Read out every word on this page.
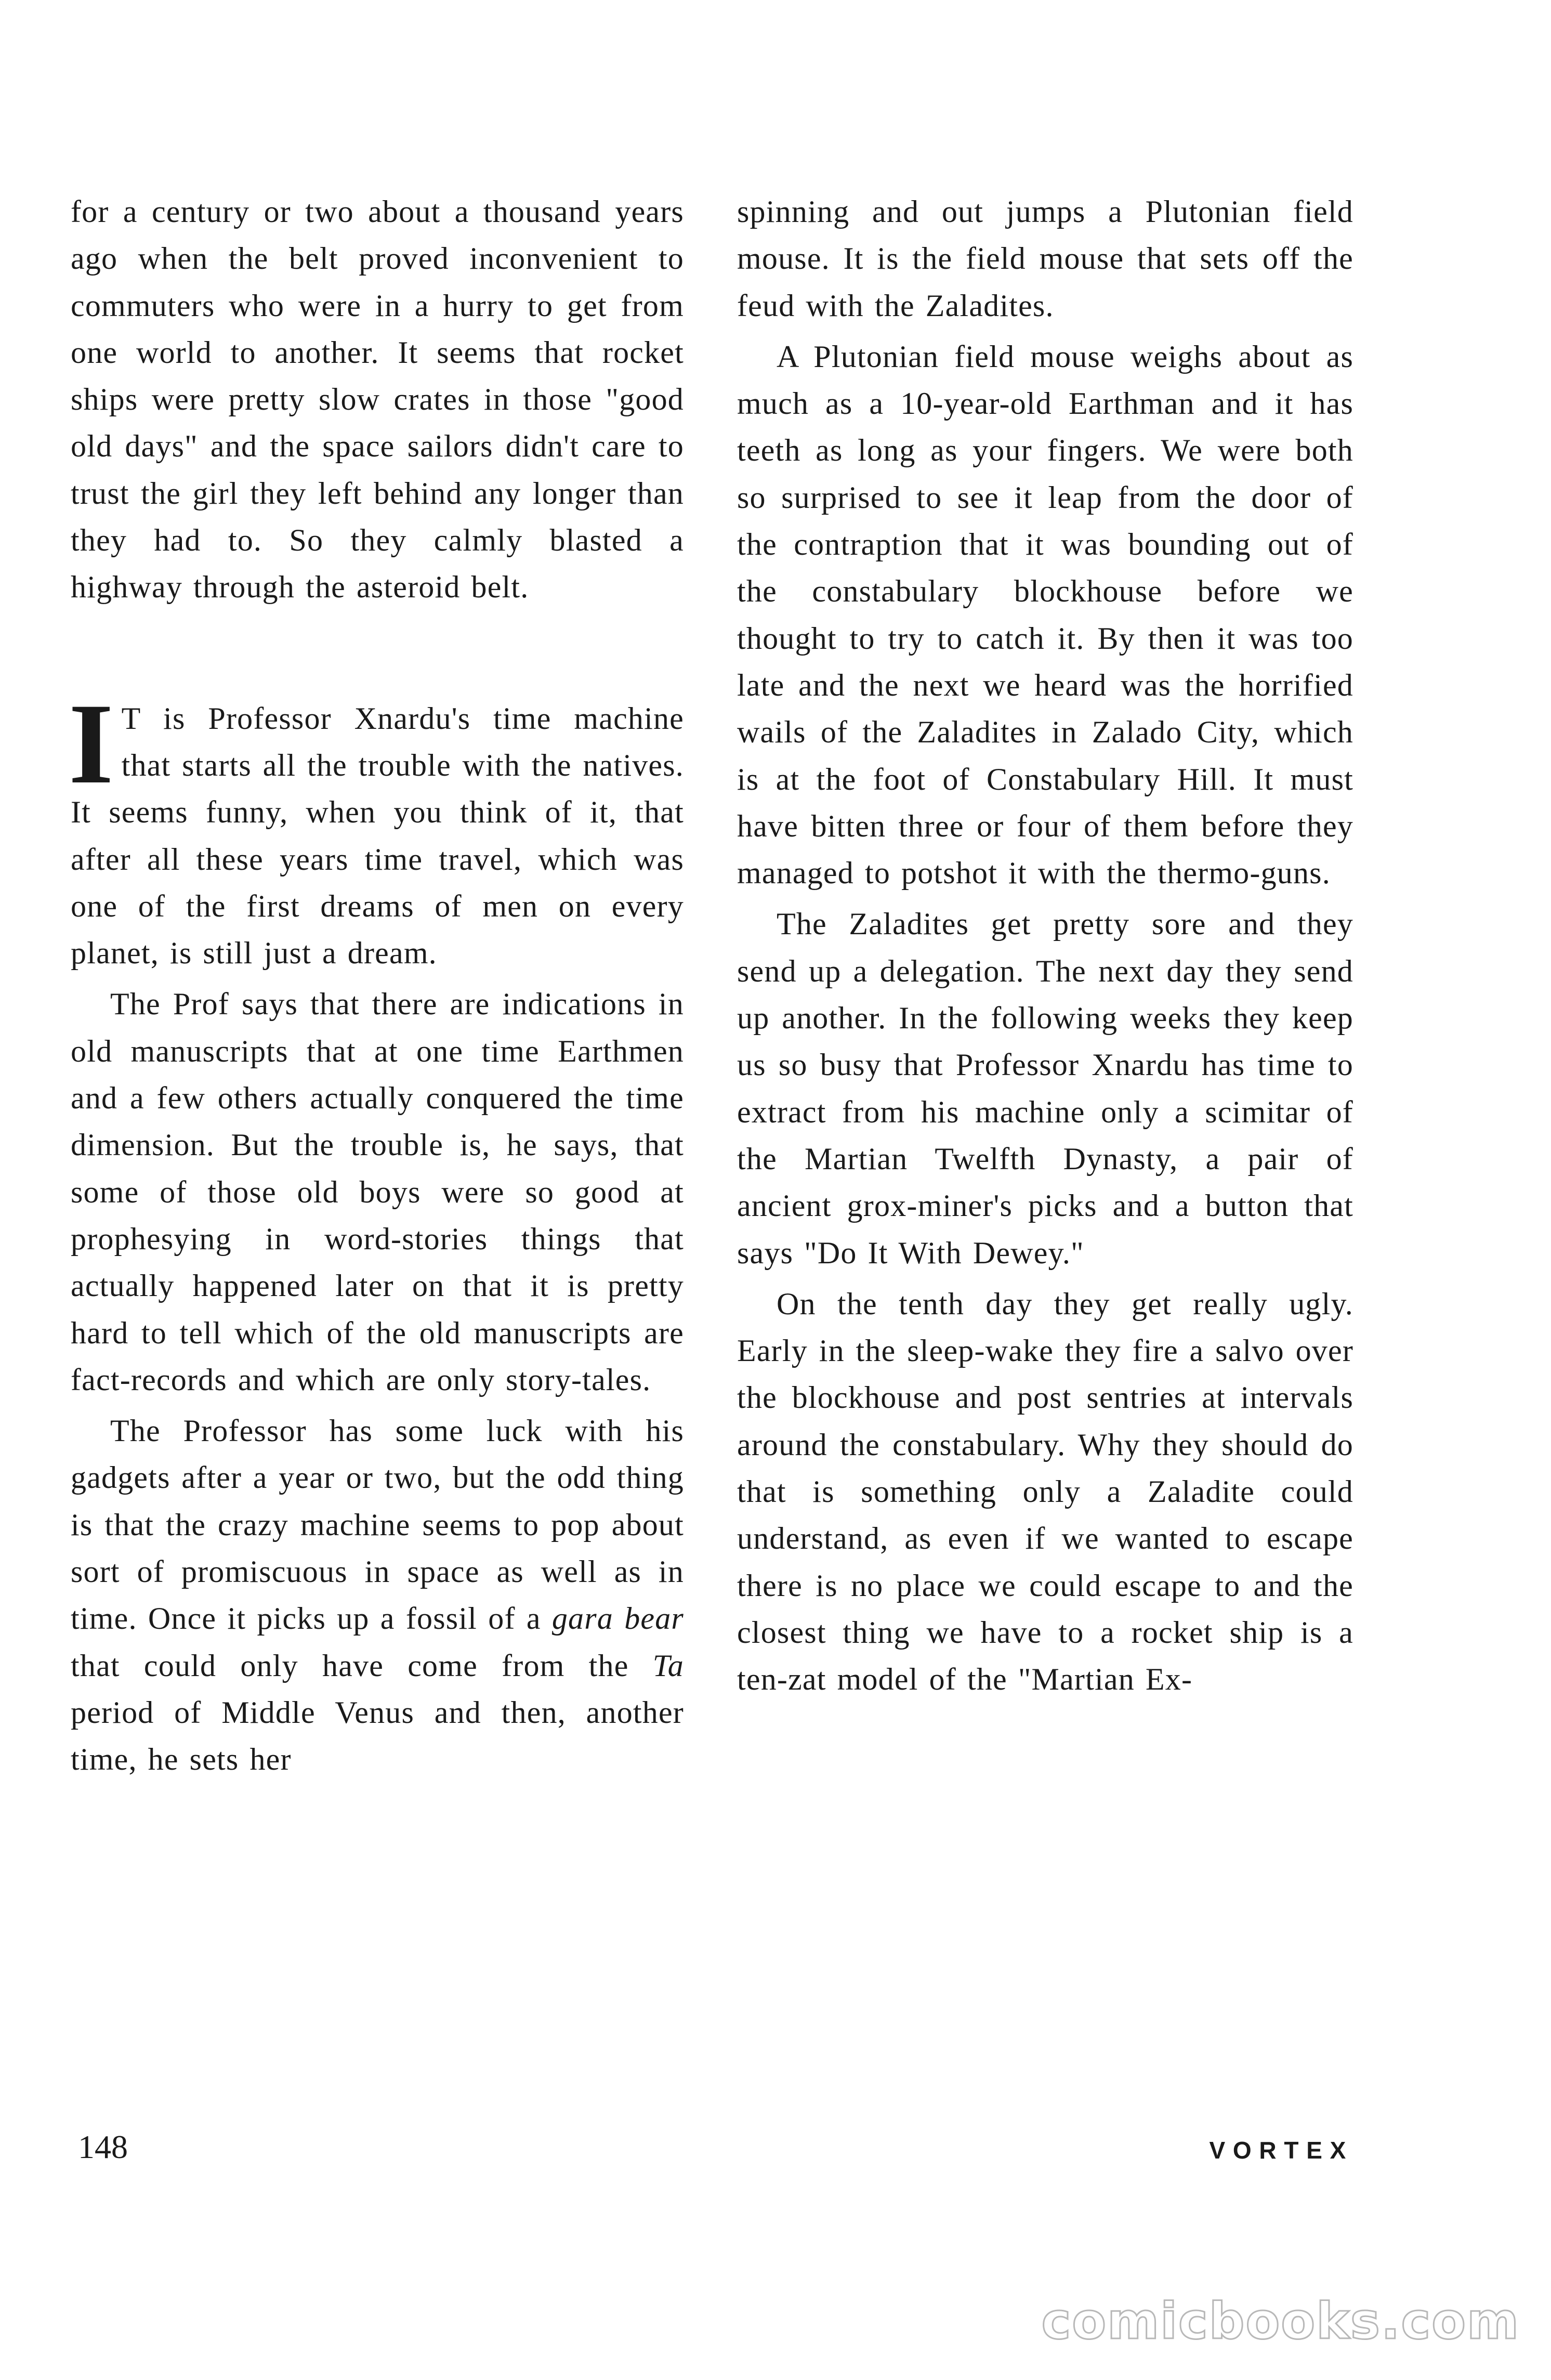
for a century or two about a thousand years ago when the belt proved inconvenient to commuters who were in a hurry to get from one world to another. It seems that rocket ships were pretty slow crates in those "good old days" and the space sailors didn't care to trust the girl they left behind any longer than they had to. So they calmly blasted a highway through the asteroid belt.

I T is Professor Xnardu's time machine that starts all the trouble with the natives. It seems funny, when you think of it, that after all these years time travel, which was one of the first dreams of men on every planet, is still just a dream.

The Prof says that there are indications in old manuscripts that at one time Earthmen and a few others actually conquered the time dimension. But the trouble is, he says, that some of those old boys were so good at prophesying in word-stories things that actually happened later on that it is pretty hard to tell which of the old manuscripts are fact-records and which are only story-tales.

The Professor has some luck with his gadgets after a year or two, but the odd thing is that the crazy machine seems to pop about sort of promiscuous in space as well as in time. Once it picks up a fossil of a gara bear that could only have come from the Ta period of Middle Venus and then, another time, he sets her

spinning and out jumps a Plutonian field mouse. It is the field mouse that sets off the feud with the Zaladites.

A Plutonian field mouse weighs about as much as a 10-year-old Earthman and it has teeth as long as your fingers. We were both so surprised to see it leap from the door of the contraption that it was bounding out of the constabulary blockhouse before we thought to try to catch it. By then it was too late and the next we heard was the horrified wails of the Zaladites in Zalado City, which is at the foot of Constabulary Hill. It must have bitten three or four of them before they managed to potshot it with the thermo-guns.

The Zaladites get pretty sore and they send up a delegation. The next day they send up another. In the following weeks they keep us so busy that Professor Xnardu has time to extract from his machine only a scimitar of the Martian Twelfth Dynasty, a pair of ancient grox-miner's picks and a button that says "Do It With Dewey."

On the tenth day they get really ugly. Early in the sleep-wake they fire a salvo over the blockhouse and post sentries at intervals around the constabulary. Why they should do that is something only a Zaladite could understand, as even if we wanted to escape there is no place we could escape to and the closest thing we have to a rocket ship is a ten-zat model of the "Martian Ex-

148	VORTEX
comicbooks.com
